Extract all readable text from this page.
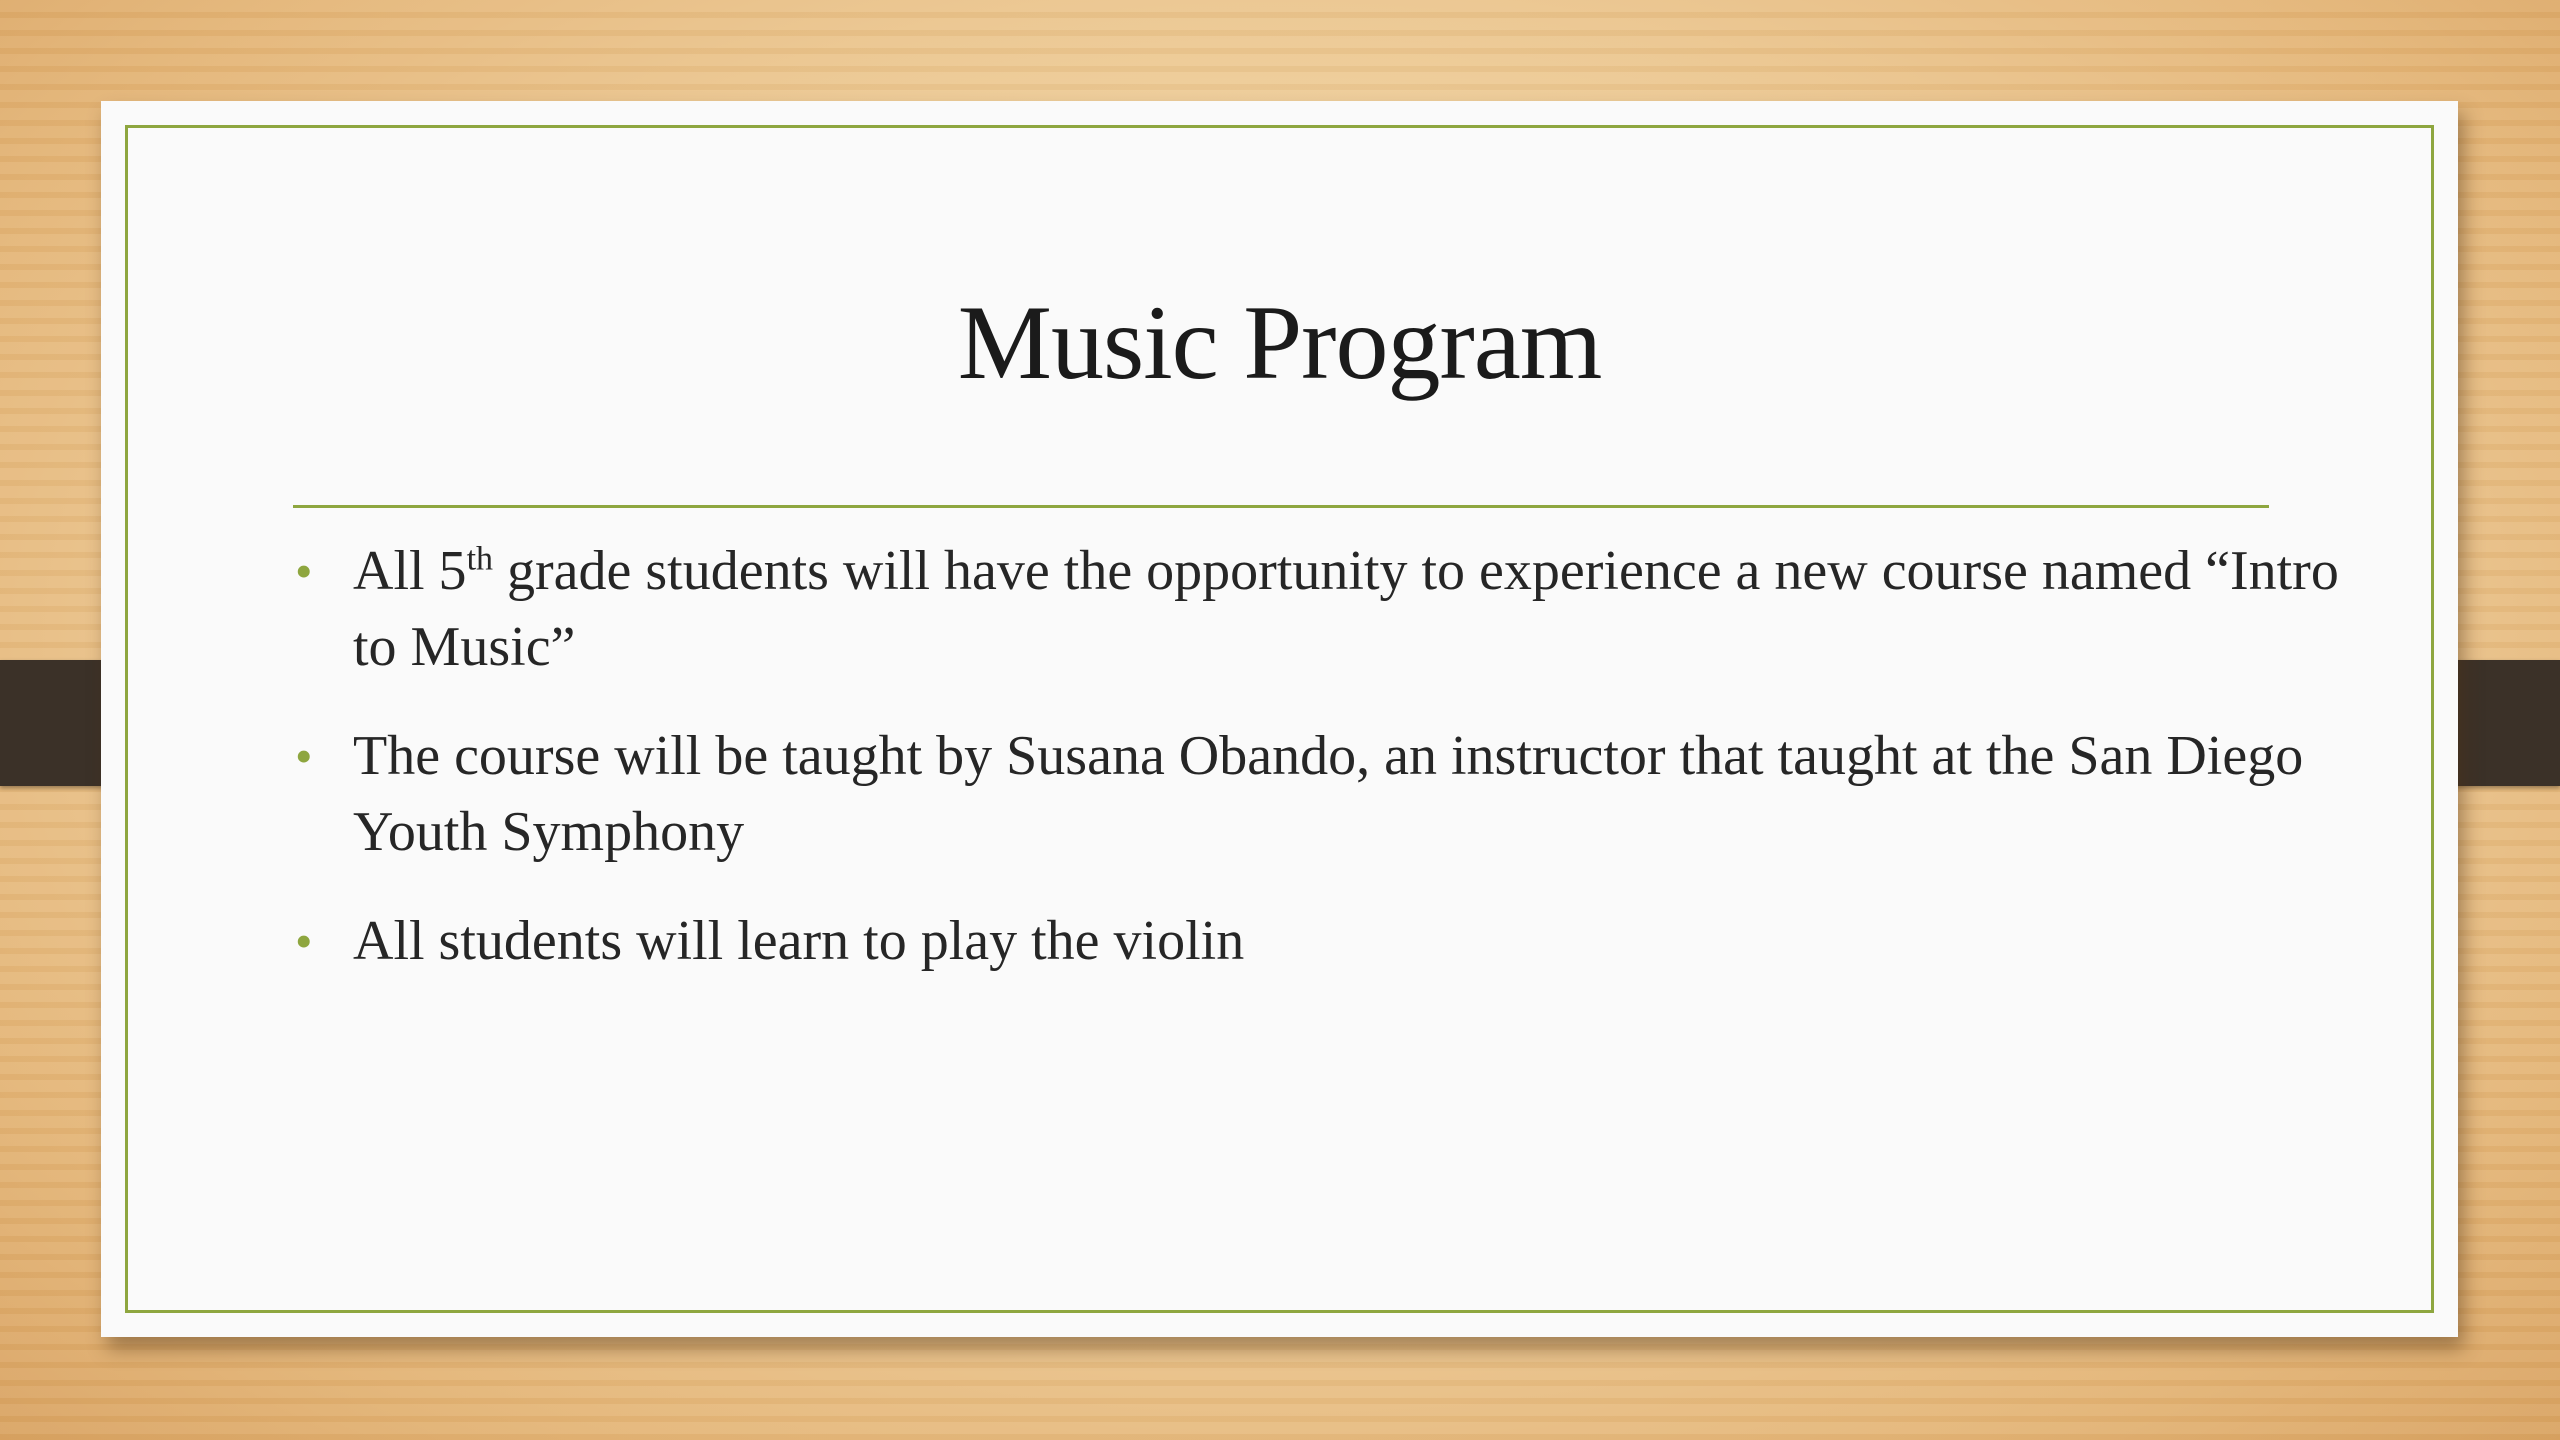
Music Program
• All 5th grade students will have the opportunity to experience a new course named “Intro to Music”
• The course will be taught by Susana Obando, an instructor that taught at the San Diego Youth Symphony
• All students will learn to play the violin
